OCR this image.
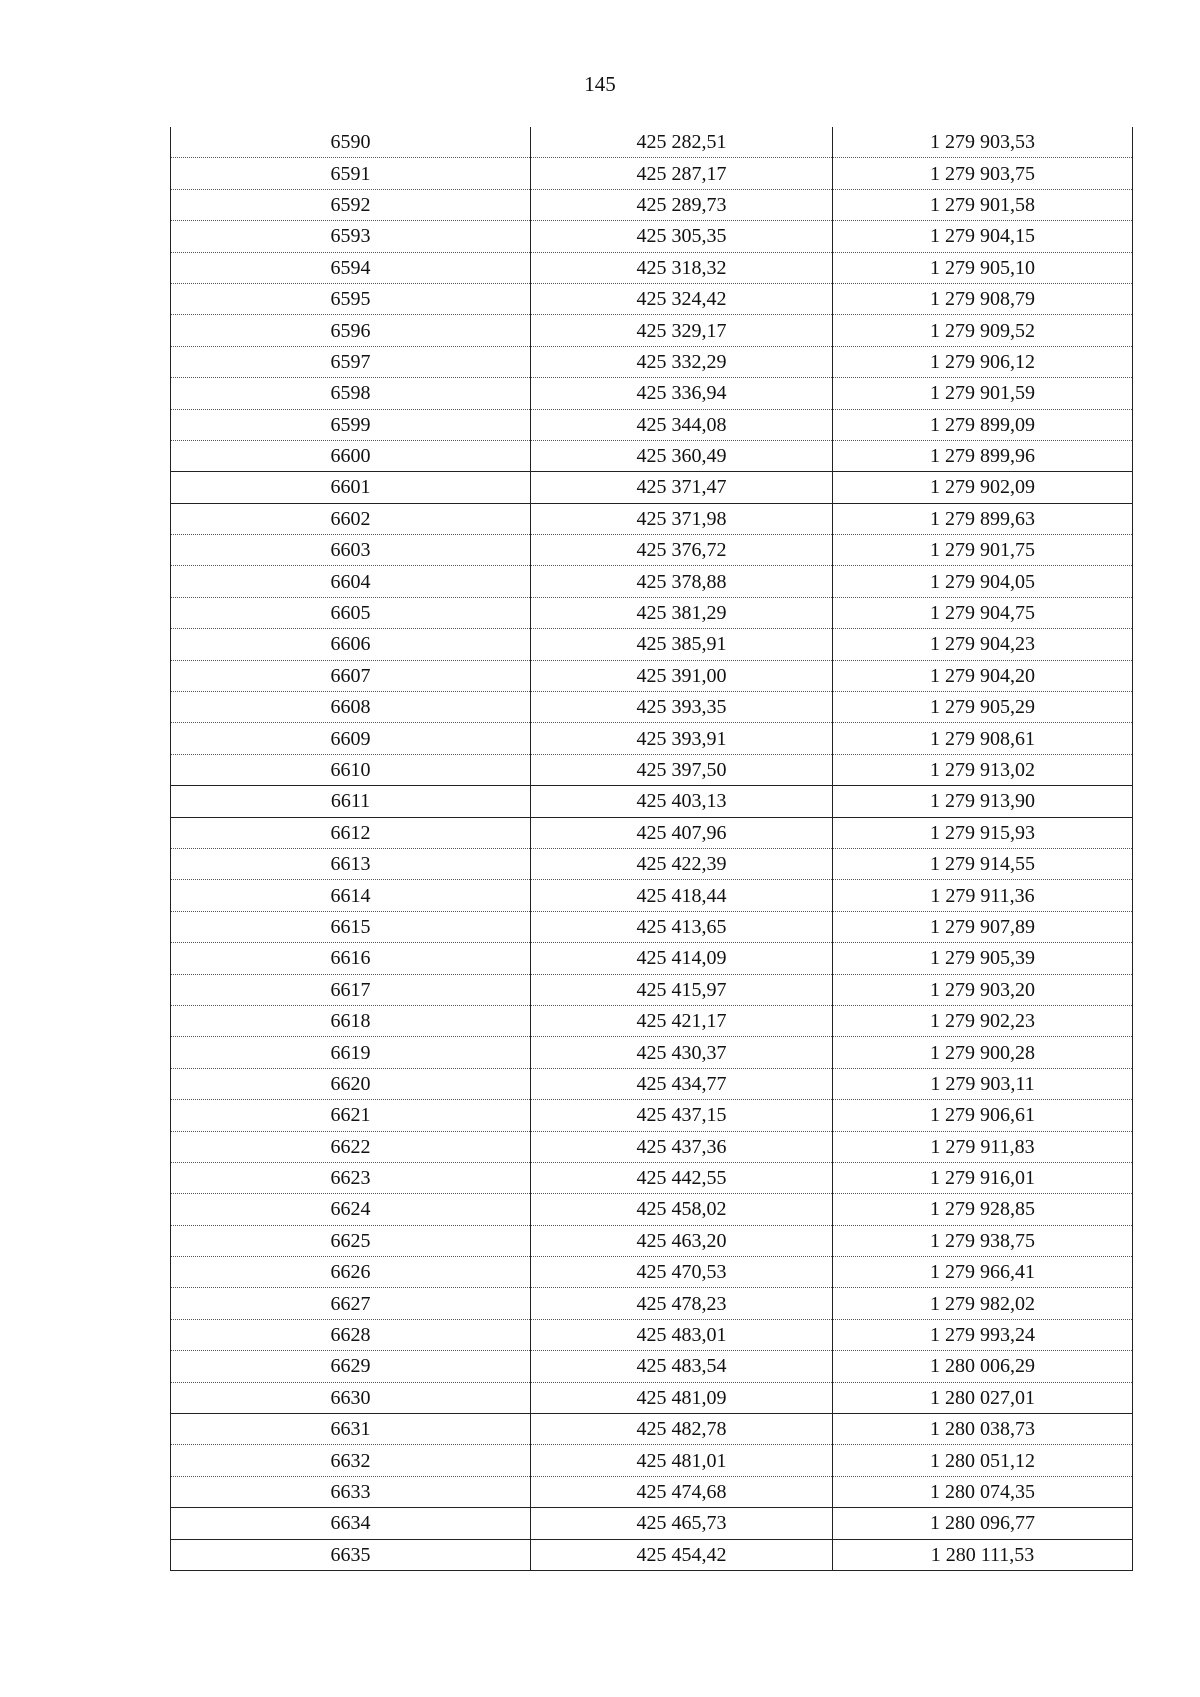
145
6590	425 282,51	1 279 903,53
6591	425 287,17	1 279 903,75
6592	425 289,73	1 279 901,58
6593	425 305,35	1 279 904,15
6594	425 318,32	1 279 905,10
6595	425 324,42	1 279 908,79
6596	425 329,17	1 279 909,52
6597	425 332,29	1 279 906,12
6598	425 336,94	1 279 901,59
6599	425 344,08	1 279 899,09
6600	425 360,49	1 279 899,96
6601	425 371,47	1 279 902,09
6602	425 371,98	1 279 899,63
6603	425 376,72	1 279 901,75
6604	425 378,88	1 279 904,05
6605	425 381,29	1 279 904,75
6606	425 385,91	1 279 904,23
6607	425 391,00	1 279 904,20
6608	425 393,35	1 279 905,29
6609	425 393,91	1 279 908,61
6610	425 397,50	1 279 913,02
6611	425 403,13	1 279 913,90
6612	425 407,96	1 279 915,93
6613	425 422,39	1 279 914,55
6614	425 418,44	1 279 911,36
6615	425 413,65	1 279 907,89
6616	425 414,09	1 279 905,39
6617	425 415,97	1 279 903,20
6618	425 421,17	1 279 902,23
6619	425 430,37	1 279 900,28
6620	425 434,77	1 279 903,11
6621	425 437,15	1 279 906,61
6622	425 437,36	1 279 911,83
6623	425 442,55	1 279 916,01
6624	425 458,02	1 279 928,85
6625	425 463,20	1 279 938,75
6626	425 470,53	1 279 966,41
6627	425 478,23	1 279 982,02
6628	425 483,01	1 279 993,24
6629	425 483,54	1 280 006,29
6630	425 481,09	1 280 027,01
6631	425 482,78	1 280 038,73
6632	425 481,01	1 280 051,12
6633	425 474,68	1 280 074,35
6634	425 465,73	1 280 096,77
6635	425 454,42	1 280 111,53
